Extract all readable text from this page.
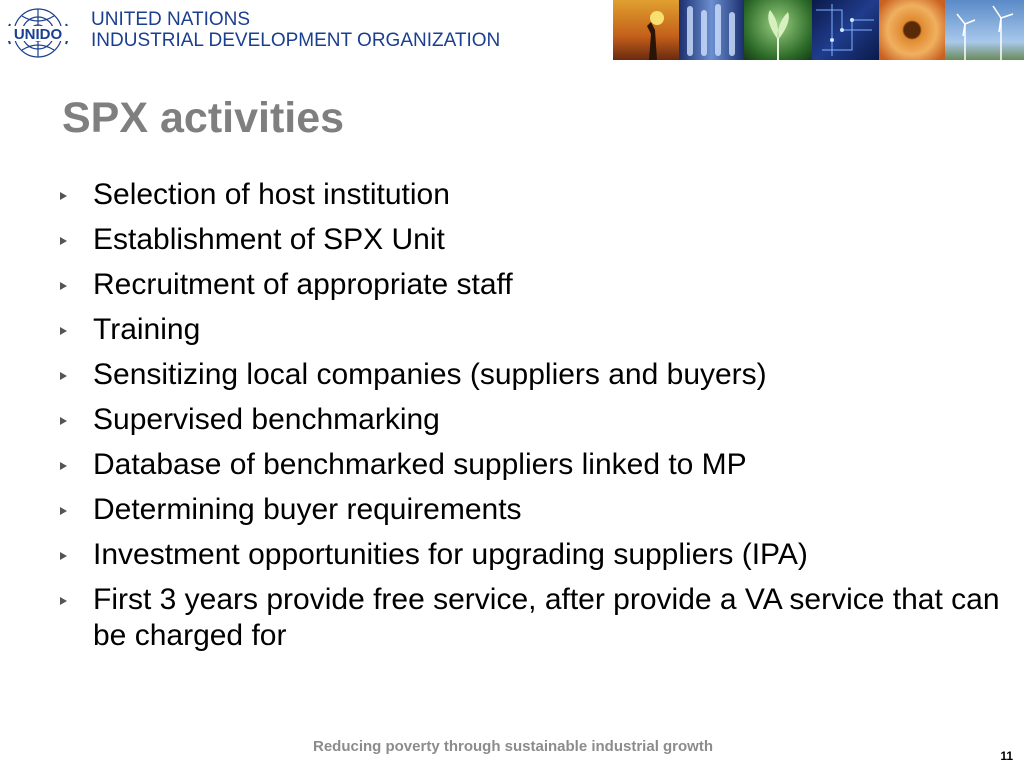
UNIDO
UNITED NATIONS
INDUSTRIAL DEVELOPMENT ORGANIZATION
SPX activities
Selection of host institution
Establishment of SPX Unit
Recruitment of appropriate staff
Training
Sensitizing local companies (suppliers and buyers)
Supervised benchmarking
Database of benchmarked suppliers linked to MP
Determining buyer requirements
Investment opportunities for upgrading suppliers (IPA)
First 3 years provide free service, after provide a VA service that can be charged for
Reducing poverty through sustainable industrial growth
11
